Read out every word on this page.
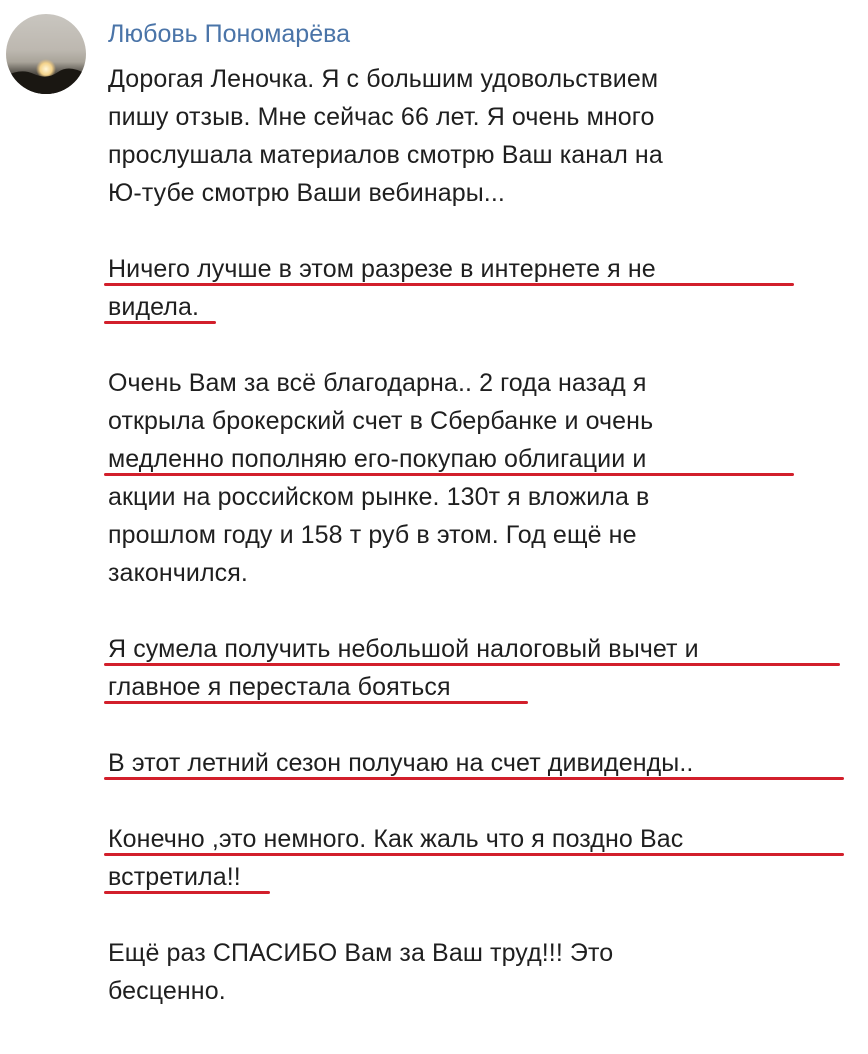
Любовь Пономарёва
Дорогая Леночка. Я с большим удовольствием
пишу отзыв. Мне сейчас 66 лет. Я очень много
прослушала материалов смотрю Ваш канал на
Ю-тубе смотрю Ваши вебинары...
Ничего лучше в этом разрезе в интернете я не
видела.
Очень Вам за всё благодарна.. 2 года назад я
открыла брокерский счет в Сбербанке и очень
медленно пополняю его-покупаю облигации и
акции на российском рынке. 130т я вложила в
прошлом году и 158 т руб в этом. Год ещё не
закончился.
Я сумела получить небольшой налоговый вычет и
главное я перестала бояться
В этот летний сезон получаю на счет дивиденды..
Конечно ,это немного. Как жаль что я поздно Вас
встретила!!
Ещё раз СПАСИБО Вам за Ваш труд!!! Это
бесценно.
